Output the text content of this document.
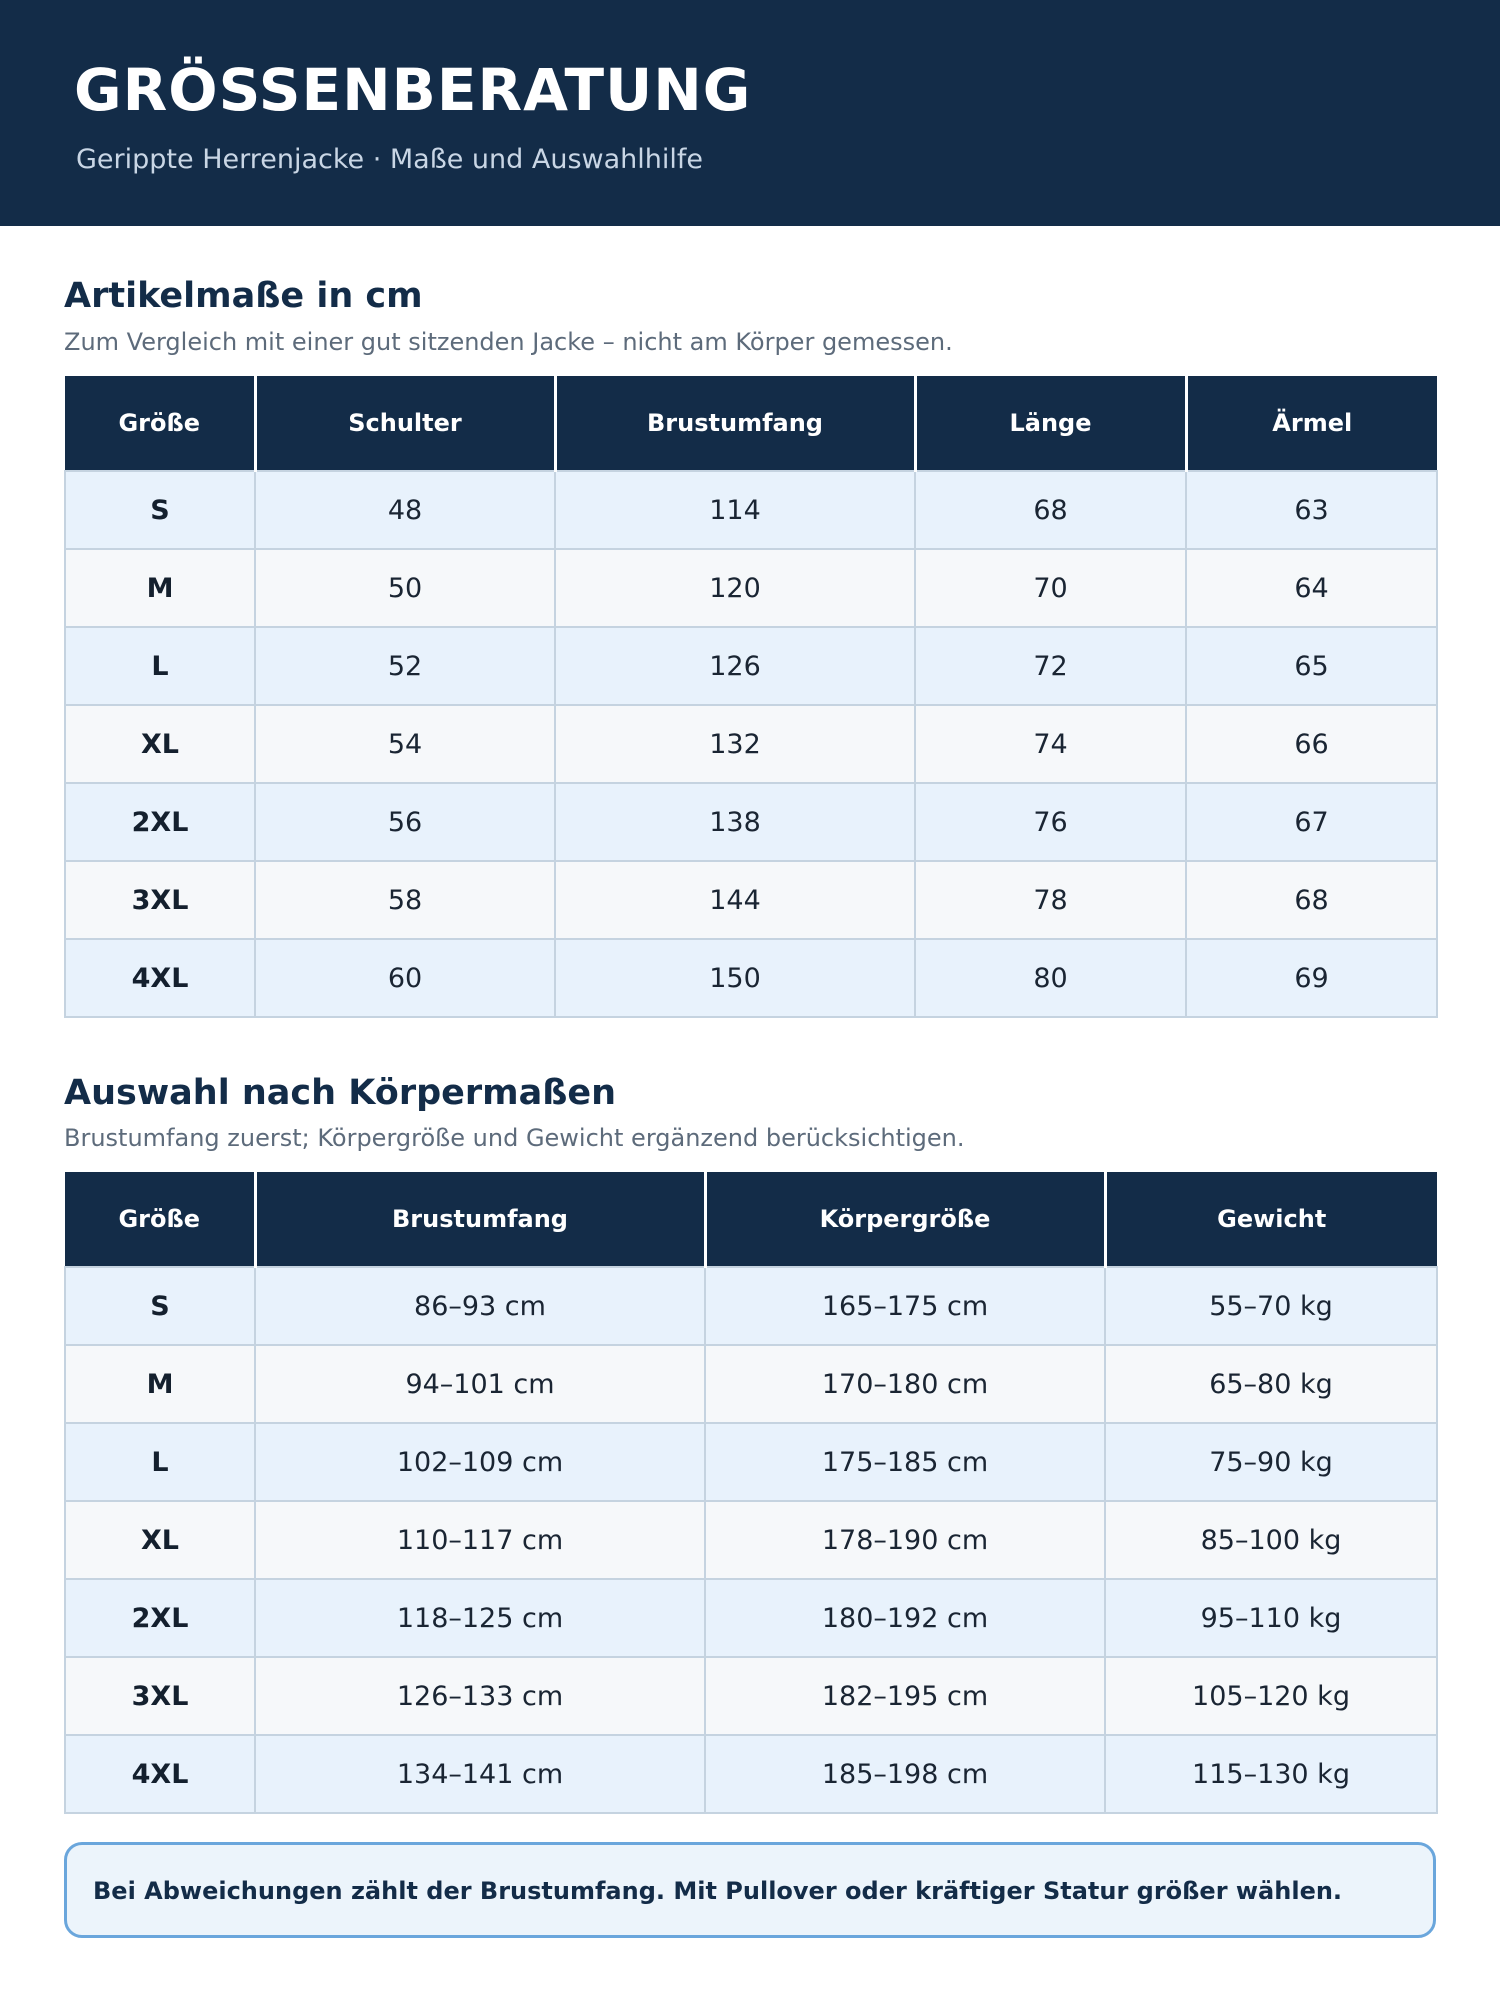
GRÖSSENBERATUNG
Gerippte Herrenjacke · Maße und Auswahlhilfe
Artikelmaße in cm
Zum Vergleich mit einer gut sitzenden Jacke – nicht am Körper gemessen.
Größe	Schulter	Brustumfang	Länge	Ärmel
S	48	114	68	63
M	50	120	70	64
L	52	126	72	65
XL	54	132	74	66
2XL	56	138	76	67
3XL	58	144	78	68
4XL	60	150	80	69
Auswahl nach Körpermaßen
Brustumfang zuerst; Körpergröße und Gewicht ergänzend berücksichtigen.
Größe	Brustumfang	Körpergröße	Gewicht
S	86–93 cm	165–175 cm	55–70 kg
M	94–101 cm	170–180 cm	65–80 kg
L	102–109 cm	175–185 cm	75–90 kg
XL	110–117 cm	178–190 cm	85–100 kg
2XL	118–125 cm	180–192 cm	95–110 kg
3XL	126–133 cm	182–195 cm	105–120 kg
4XL	134–141 cm	185–198 cm	115–130 kg
Bei Abweichungen zählt der Brustumfang. Mit Pullover oder kräftiger Statur größer wählen.
